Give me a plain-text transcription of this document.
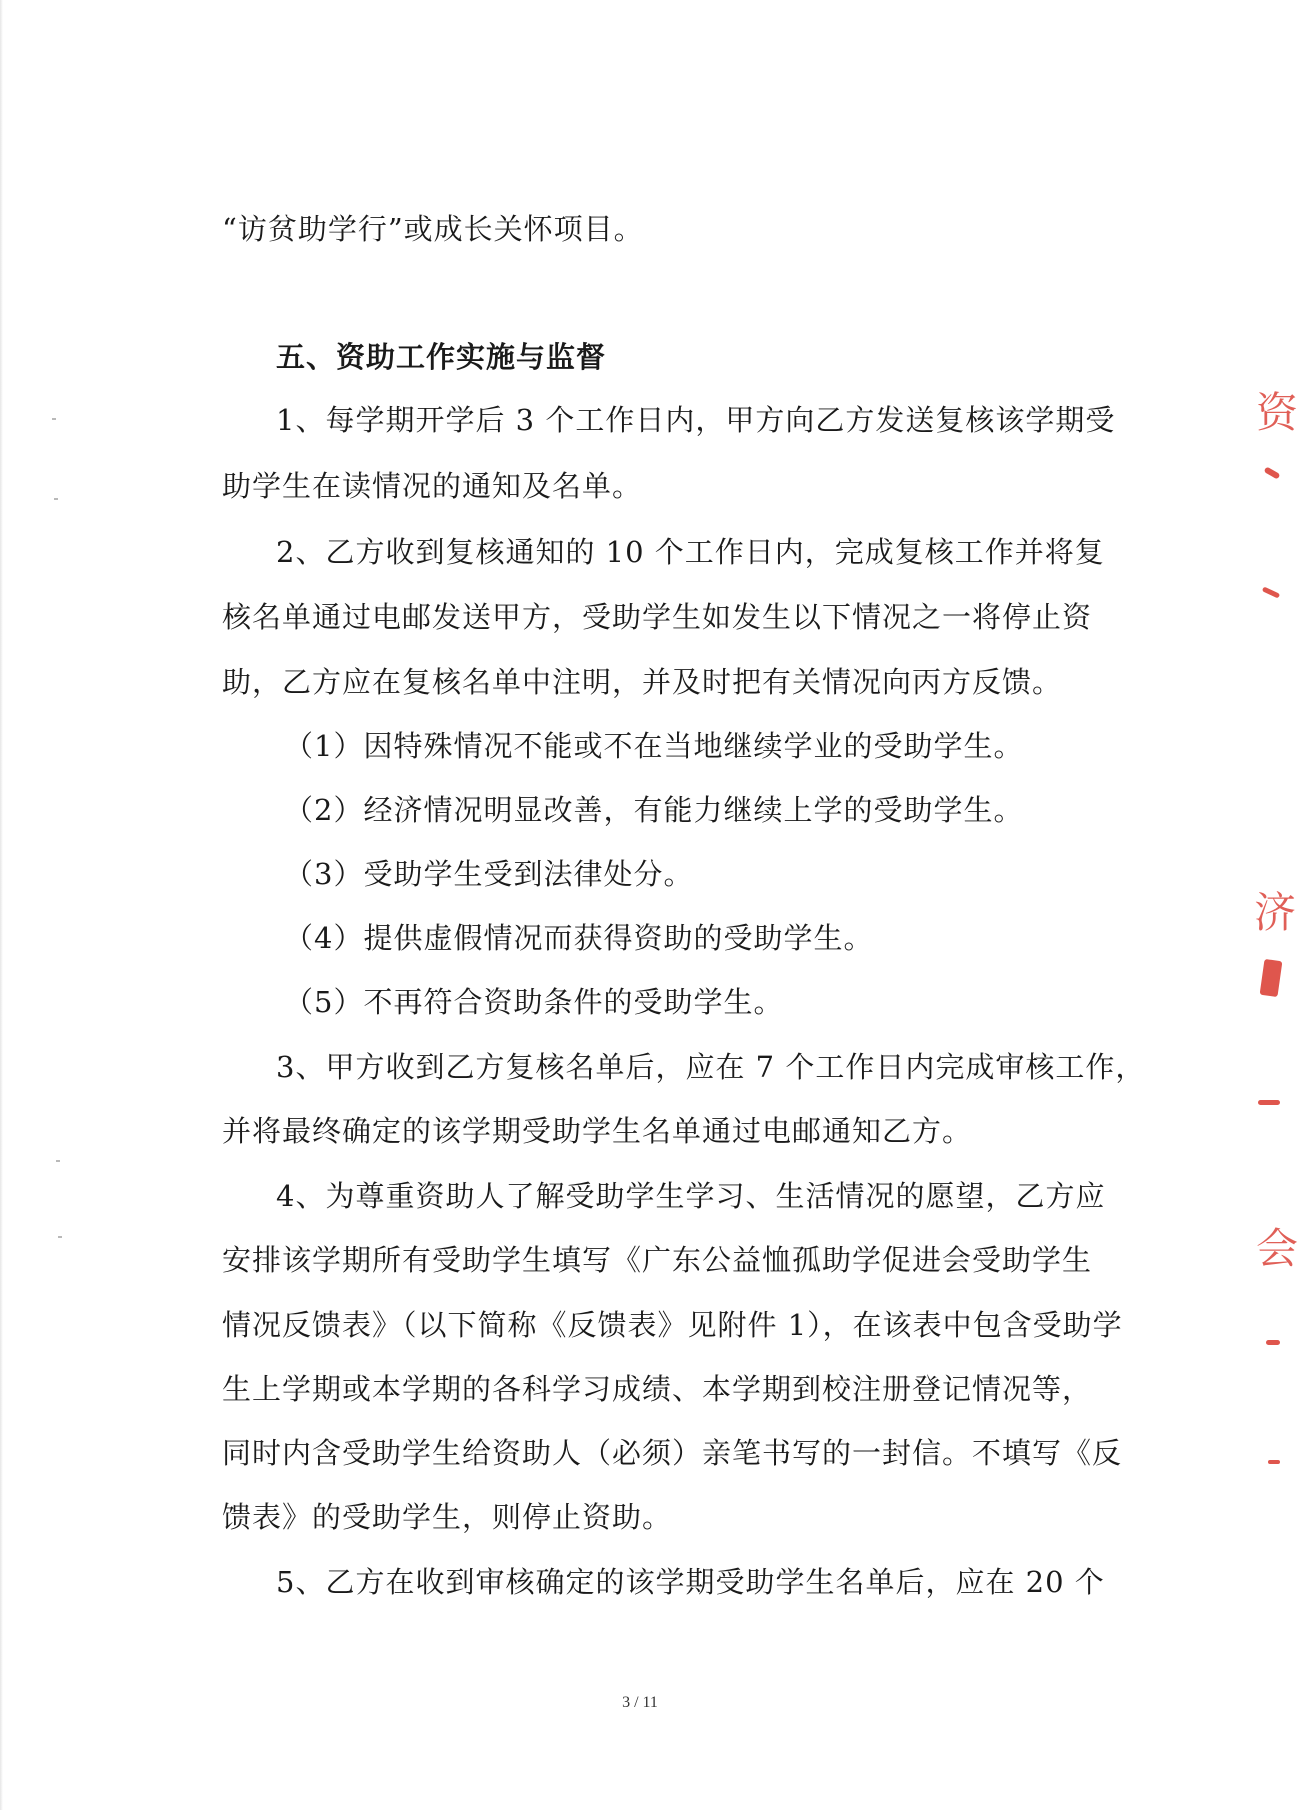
“访贫助学行”或成长关怀项目。
五、资助工作实施与监督
1、每学期开学后 3 个工作日内，甲方向乙方发送复核该学期受
助学生在读情况的通知及名单。
2、乙方收到复核通知的 10 个工作日内，完成复核工作并将复
核名单通过电邮发送甲方，受助学生如发生以下情况之一将停止资
助，乙方应在复核名单中注明，并及时把有关情况向丙方反馈。
（1）因特殊情况不能或不在当地继续学业的受助学生。
（2）经济情况明显改善，有能力继续上学的受助学生。
（3）受助学生受到法律处分。
（4）提供虚假情况而获得资助的受助学生。
（5）不再符合资助条件的受助学生。
3、甲方收到乙方复核名单后，应在 7 个工作日内完成审核工作，
并将最终确定的该学期受助学生名单通过电邮通知乙方。
4、为尊重资助人了解受助学生学习、生活情况的愿望，乙方应
安排该学期所有受助学生填写《广东公益恤孤助学促进会受助学生
情况反馈表》（以下简称《反馈表》见附件 1），在该表中包含受助学
生上学期或本学期的各科学习成绩、本学期到校注册登记情况等，
同时内含受助学生给资助人（必须）亲笔书写的一封信。不填写《反
馈表》的受助学生，则停止资助。
5、乙方在收到审核确定的该学期受助学生名单后，应在 20 个
3 / 11
资
济
会
